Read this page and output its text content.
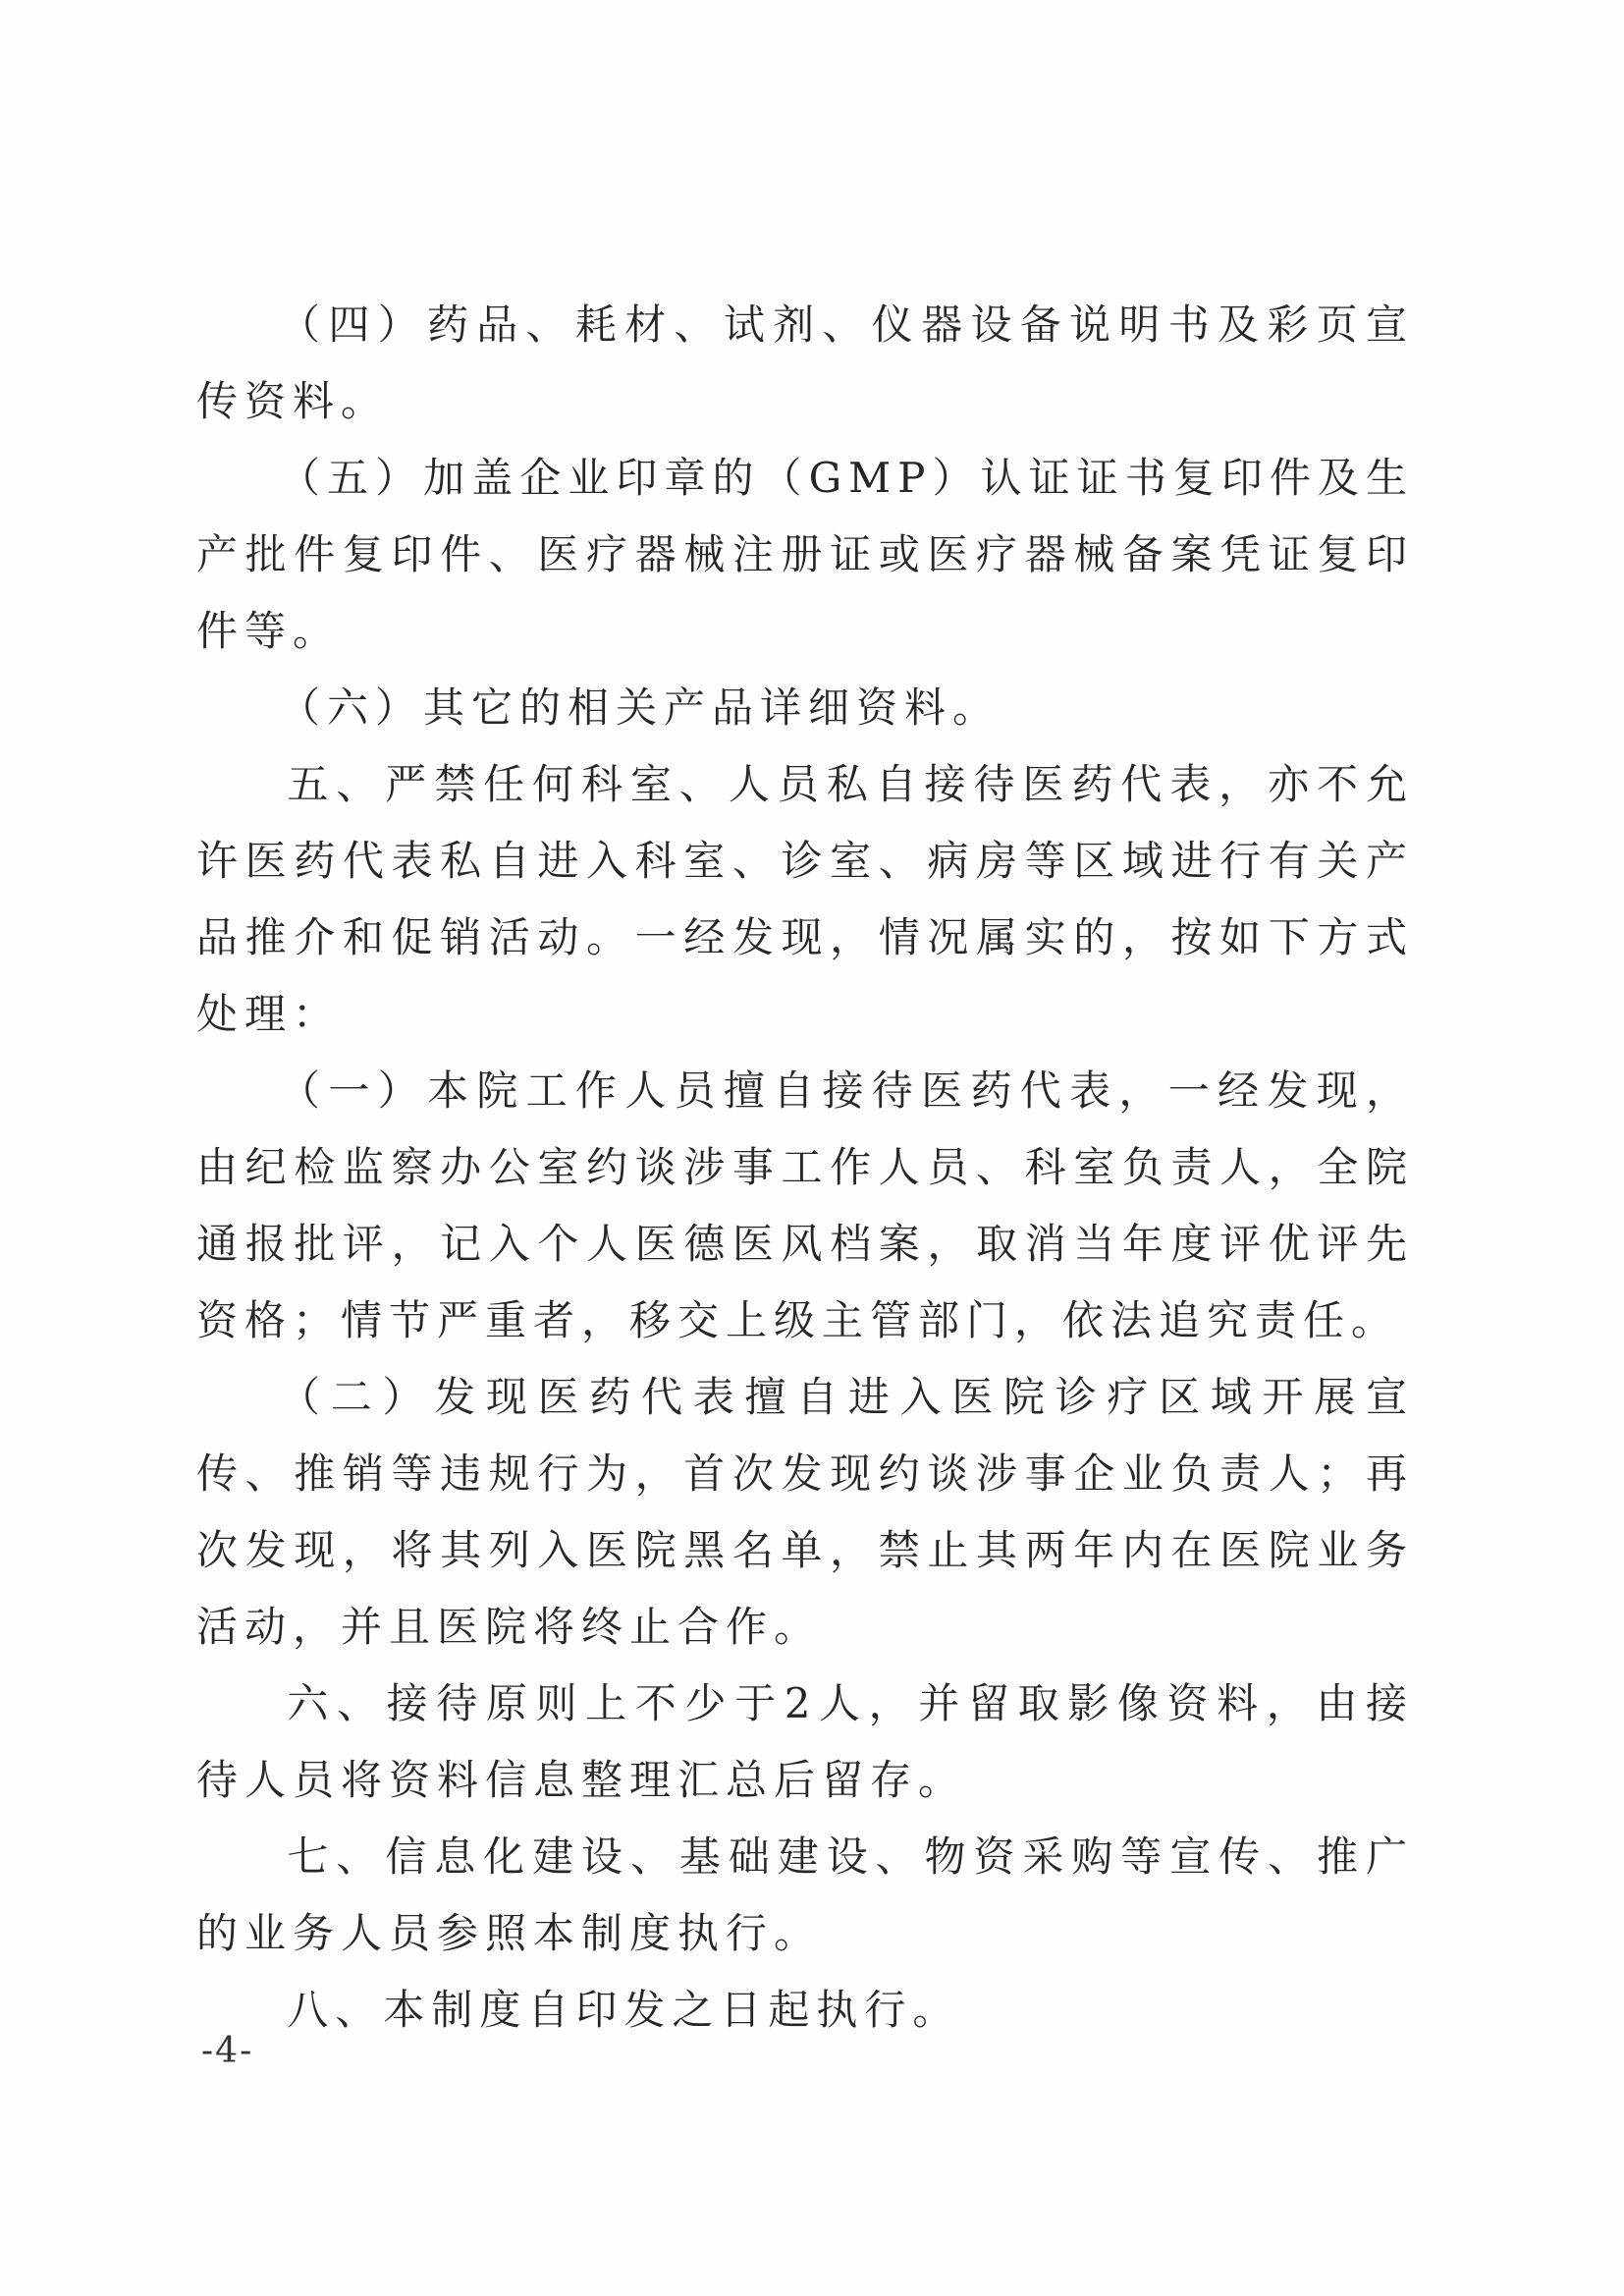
（四）药品、耗材、试剂、仪器设备说明书及彩页宣传资料。

（五）加盖企业印章的（GMP）认证证书复印件及生产批件复印件、医疗器械注册证或医疗器械备案凭证复印件等。

（六）其它的相关产品详细资料。

五、严禁任何科室、人员私自接待医药代表，亦不允许医药代表私自进入科室、诊室、病房等区域进行有关产品推介和促销活动。一经发现，情况属实的，按如下方式处理：

（一）本院工作人员擅自接待医药代表，一经发现，由纪检监察办公室约谈涉事工作人员、科室负责人，全院通报批评，记入个人医德医风档案，取消当年度评优评先资格；情节严重者，移交上级主管部门，依法追究责任。

（二）发现医药代表擅自进入医院诊疗区域开展宣传、推销等违规行为，首次发现约谈涉事企业负责人；再次发现，将其列入医院黑名单，禁止其两年内在医院业务活动，并且医院将终止合作。

六、接待原则上不少于2人，并留取影像资料，由接待人员将资料信息整理汇总后留存。

七、信息化建设、基础建设、物资采购等宣传、推广的业务人员参照本制度执行。

八、本制度自印发之日起执行。

-4-
